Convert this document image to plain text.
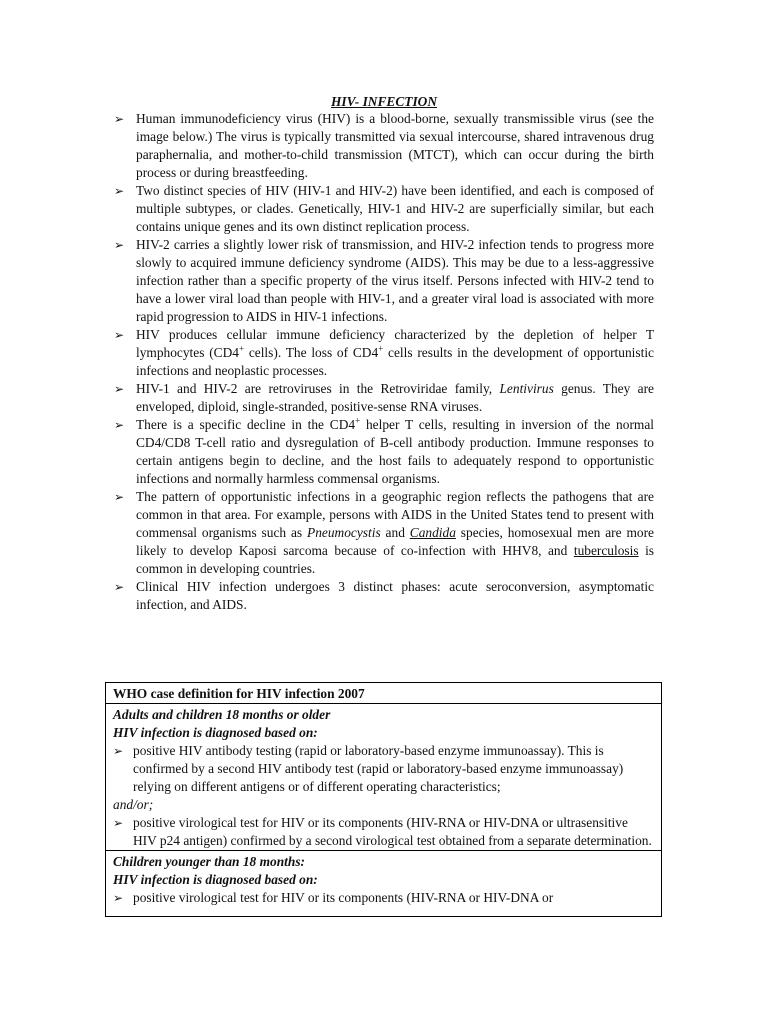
HIV- INFECTION
➢ Human immunodeficiency virus (HIV) is a blood-borne, sexually transmissible virus (see the image below.) The virus is typically transmitted via sexual intercourse, shared intravenous drug paraphernalia, and mother-to-child transmission (MTCT), which can occur during the birth process or during breastfeeding.
➢ Two distinct species of HIV (HIV-1 and HIV-2) have been identified, and each is composed of multiple subtypes, or clades. Genetically, HIV-1 and HIV-2 are superficially similar, but each contains unique genes and its own distinct replication process.
➢ HIV-2 carries a slightly lower risk of transmission, and HIV-2 infection tends to progress more slowly to acquired immune deficiency syndrome (AIDS). This may be due to a less-aggressive infection rather than a specific property of the virus itself. Persons infected with HIV-2 tend to have a lower viral load than people with HIV-1, and a greater viral load is associated with more rapid progression to AIDS in HIV-1 infections.
➢ HIV produces cellular immune deficiency characterized by the depletion of helper T lymphocytes (CD4+ cells). The loss of CD4+ cells results in the development of opportunistic infections and neoplastic processes.
➢ HIV-1 and HIV-2 are retroviruses in the Retroviridae family, Lentivirus genus. They are enveloped, diploid, single-stranded, positive-sense RNA viruses.
➢ There is a specific decline in the CD4+ helper T cells, resulting in inversion of the normal CD4/CD8 T-cell ratio and dysregulation of B-cell antibody production. Immune responses to certain antigens begin to decline, and the host fails to adequately respond to opportunistic infections and normally harmless commensal organisms.
➢ The pattern of opportunistic infections in a geographic region reflects the pathogens that are common in that area. For example, persons with AIDS in the United States tend to present with commensal organisms such as Pneumocystis and Candida species, homosexual men are more likely to develop Kaposi sarcoma because of co-infection with HHV8, and tuberculosis is common in developing countries.
➢ Clinical HIV infection undergoes 3 distinct phases: acute seroconversion, asymptomatic infection, and AIDS.
WHO case definition for HIV infection 2007
Adults and children 18 months or older
HIV infection is diagnosed based on:
➢ positive HIV antibody testing (rapid or laboratory-based enzyme immunoassay). This is confirmed by a second HIV antibody test (rapid or laboratory-based enzyme immunoassay) relying on different antigens or of different operating characteristics;
and/or;
➢ positive virological test for HIV or its components (HIV-RNA or HIV-DNA or ultrasensitive HIV p24 antigen) confirmed by a second virological test obtained from a separate determination.
Children younger than 18 months:
HIV infection is diagnosed based on:
➢ positive virological test for HIV or its components (HIV-RNA or HIV-DNA or
